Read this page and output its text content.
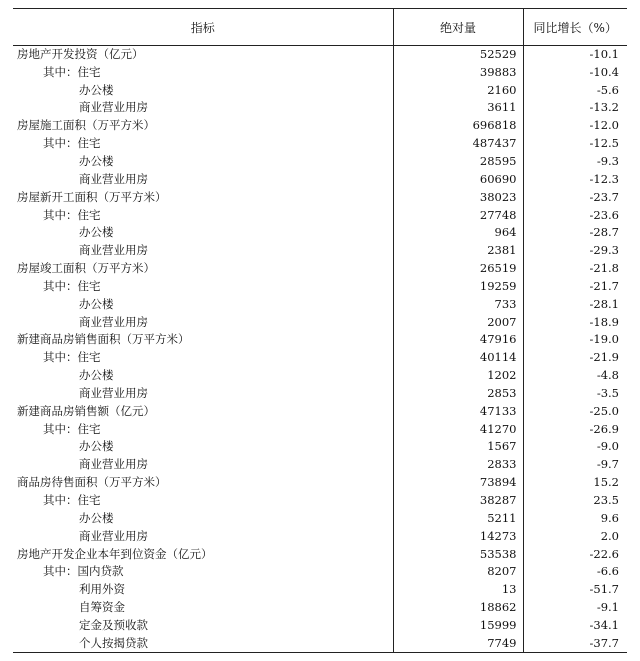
指标	绝对量	同比增长（%）
房地产开发投资（亿元）	52529	-10.1
其中：住宅	39883	-10.4
办公楼	2160	-5.6
商业营业用房	3611	-13.2
房屋施工面积（万平方米）	696818	-12.0
其中：住宅	487437	-12.5
办公楼	28595	-9.3
商业营业用房	60690	-12.3
房屋新开工面积（万平方米）	38023	-23.7
其中：住宅	27748	-23.6
办公楼	964	-28.7
商业营业用房	2381	-29.3
房屋竣工面积（万平方米）	26519	-21.8
其中：住宅	19259	-21.7
办公楼	733	-28.1
商业营业用房	2007	-18.9
新建商品房销售面积（万平方米）	47916	-19.0
其中：住宅	40114	-21.9
办公楼	1202	-4.8
商业营业用房	2853	-3.5
新建商品房销售额（亿元）	47133	-25.0
其中：住宅	41270	-26.9
办公楼	1567	-9.0
商业营业用房	2833	-9.7
商品房待售面积（万平方米）	73894	15.2
其中：住宅	38287	23.5
办公楼	5211	9.6
商业营业用房	14273	2.0
房地产开发企业本年到位资金（亿元）	53538	-22.6
其中：国内贷款	8207	-6.6
利用外资	13	-51.7
自筹资金	18862	-9.1
定金及预收款	15999	-34.1
个人按揭贷款	7749	-37.7
